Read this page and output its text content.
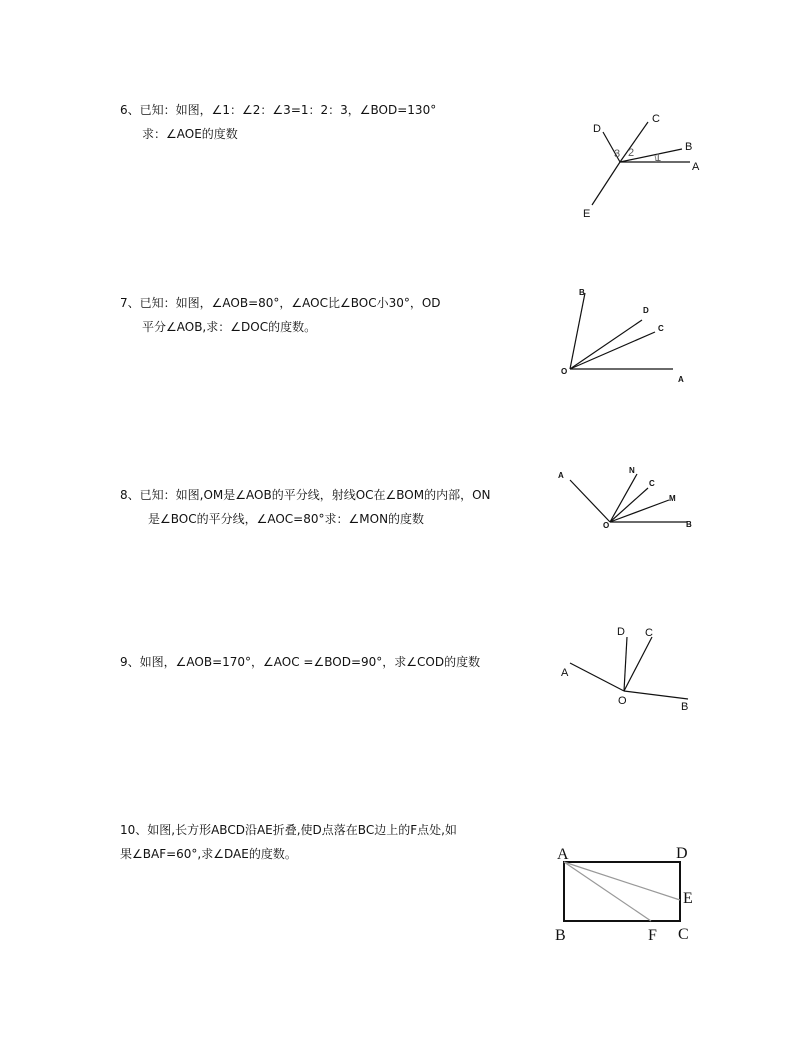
6、已知：如图，∠1：∠2：∠3=1：2：3，∠BOD=130°
求：∠AOE的度数
A
B
C
D
E
1
2
3
7、已知：如图，∠AOB=80°，∠AOC比∠BOC小30°，OD
平分∠AOB,求：∠DOC的度数。
O
A
B
C
D
8、已知：如图,OM是∠AOB的平分线，射线OC在∠BOM的内部，ON
是∠BOC的平分线，∠AOC=80°求：∠MON的度数
A
B
C
M
N
O
9、如图，∠AOB=170°，∠AOC =∠BOD=90°，求∠COD的度数
A
B
C
D
O
10、如图,长方形ABCD沿AE折叠,使D点落在BC边上的F点处,如
果∠BAF=60°,求∠DAE的度数。	A	D
E
B	F C
